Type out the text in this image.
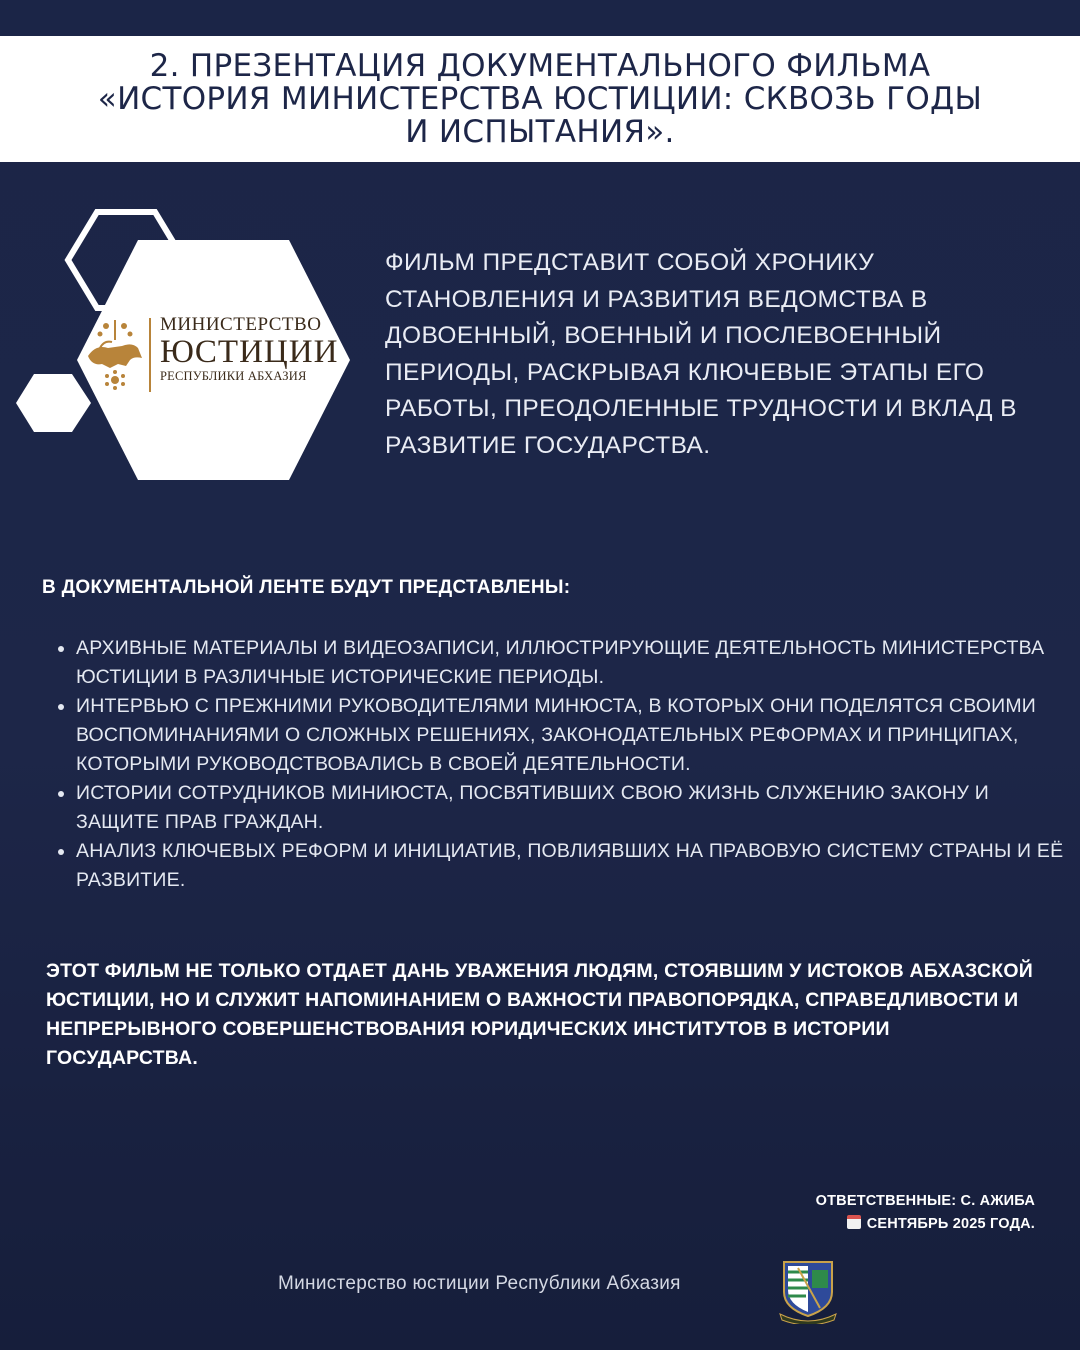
2. ПРЕЗЕНТАЦИЯ ДОКУМЕНТАЛЬНОГО ФИЛЬМА
«ИСТОРИЯ МИНИСТЕРСТВА ЮСТИЦИИ: СКВОЗЬ ГОДЫ
И ИСПЫТАНИЯ».
МИНИСТЕРСТВО
ЮСТИЦИИ
РЕСПУБЛИКИ АБХАЗИЯ

ФИЛЬМ ПРЕДСТАВИТ СОБОЙ ХРОНИКУ СТАНОВЛЕНИЯ И РАЗВИТИЯ ВЕДОМСТВА В ДОВОЕННЫЙ, ВОЕННЫЙ И ПОСЛЕВОЕННЫЙ ПЕРИОДЫ, РАСКРЫВАЯ КЛЮЧЕВЫЕ ЭТАПЫ ЕГО РАБОТЫ, ПРЕОДОЛЕННЫЕ ТРУДНОСТИ И ВКЛАД В РАЗВИТИЕ ГОСУДАРСТВА.

В ДОКУМЕНТАЛЬНОЙ ЛЕНТЕ БУДУТ ПРЕДСТАВЛЕНЫ:
• АРХИВНЫЕ МАТЕРИАЛЫ И ВИДЕОЗАПИСИ, ИЛЛЮСТРИРУЮЩИЕ ДЕЯТЕЛЬНОСТЬ МИНИСТЕРСТВА ЮСТИЦИИ В РАЗЛИЧНЫЕ ИСТОРИЧЕСКИЕ ПЕРИОДЫ.
• ИНТЕРВЬЮ С ПРЕЖНИМИ РУКОВОДИТЕЛЯМИ МИНЮСТА, В КОТОРЫХ ОНИ ПОДЕЛЯТСЯ СВОИМИ ВОСПОМИНАНИЯМИ О СЛОЖНЫХ РЕШЕНИЯХ, ЗАКОНОДАТЕЛЬНЫХ РЕФОРМАХ И ПРИНЦИПАХ, КОТОРЫМИ РУКОВОДСТВОВАЛИСЬ В СВОЕЙ ДЕЯТЕЛЬНОСТИ.
• ИСТОРИИ СОТРУДНИКОВ МИНИЮСТА, ПОСВЯТИВШИХ СВОЮ ЖИЗНЬ СЛУЖЕНИЮ ЗАКОНУ И ЗАЩИТЕ ПРАВ ГРАЖДАН.
• АНАЛИЗ КЛЮЧЕВЫХ РЕФОРМ И ИНИЦИАТИВ, ПОВЛИЯВШИХ НА ПРАВОВУЮ СИСТЕМУ СТРАНЫ И ЕЁ РАЗВИТИЕ.

ЭТОТ ФИЛЬМ НЕ ТОЛЬКО ОТДАЕТ ДАНЬ УВАЖЕНИЯ ЛЮДЯМ, СТОЯВШИМ У ИСТОКОВ АБХАЗСКОЙ ЮСТИЦИИ, НО И СЛУЖИТ НАПОМИНАНИЕМ О ВАЖНОСТИ ПРАВОПОРЯДКА, СПРАВЕДЛИВОСТИ И НЕПРЕРЫВНОГО СОВЕРШЕНСТВОВАНИЯ ЮРИДИЧЕСКИХ ИНСТИТУТОВ В ИСТОРИИ ГОСУДАРСТВА.

ОТВЕТСТВЕННЫЕ: С. АЖИБА
СЕНТЯБРЬ 2025 ГОДА.
Министерство юстиции Республики Абхазия
